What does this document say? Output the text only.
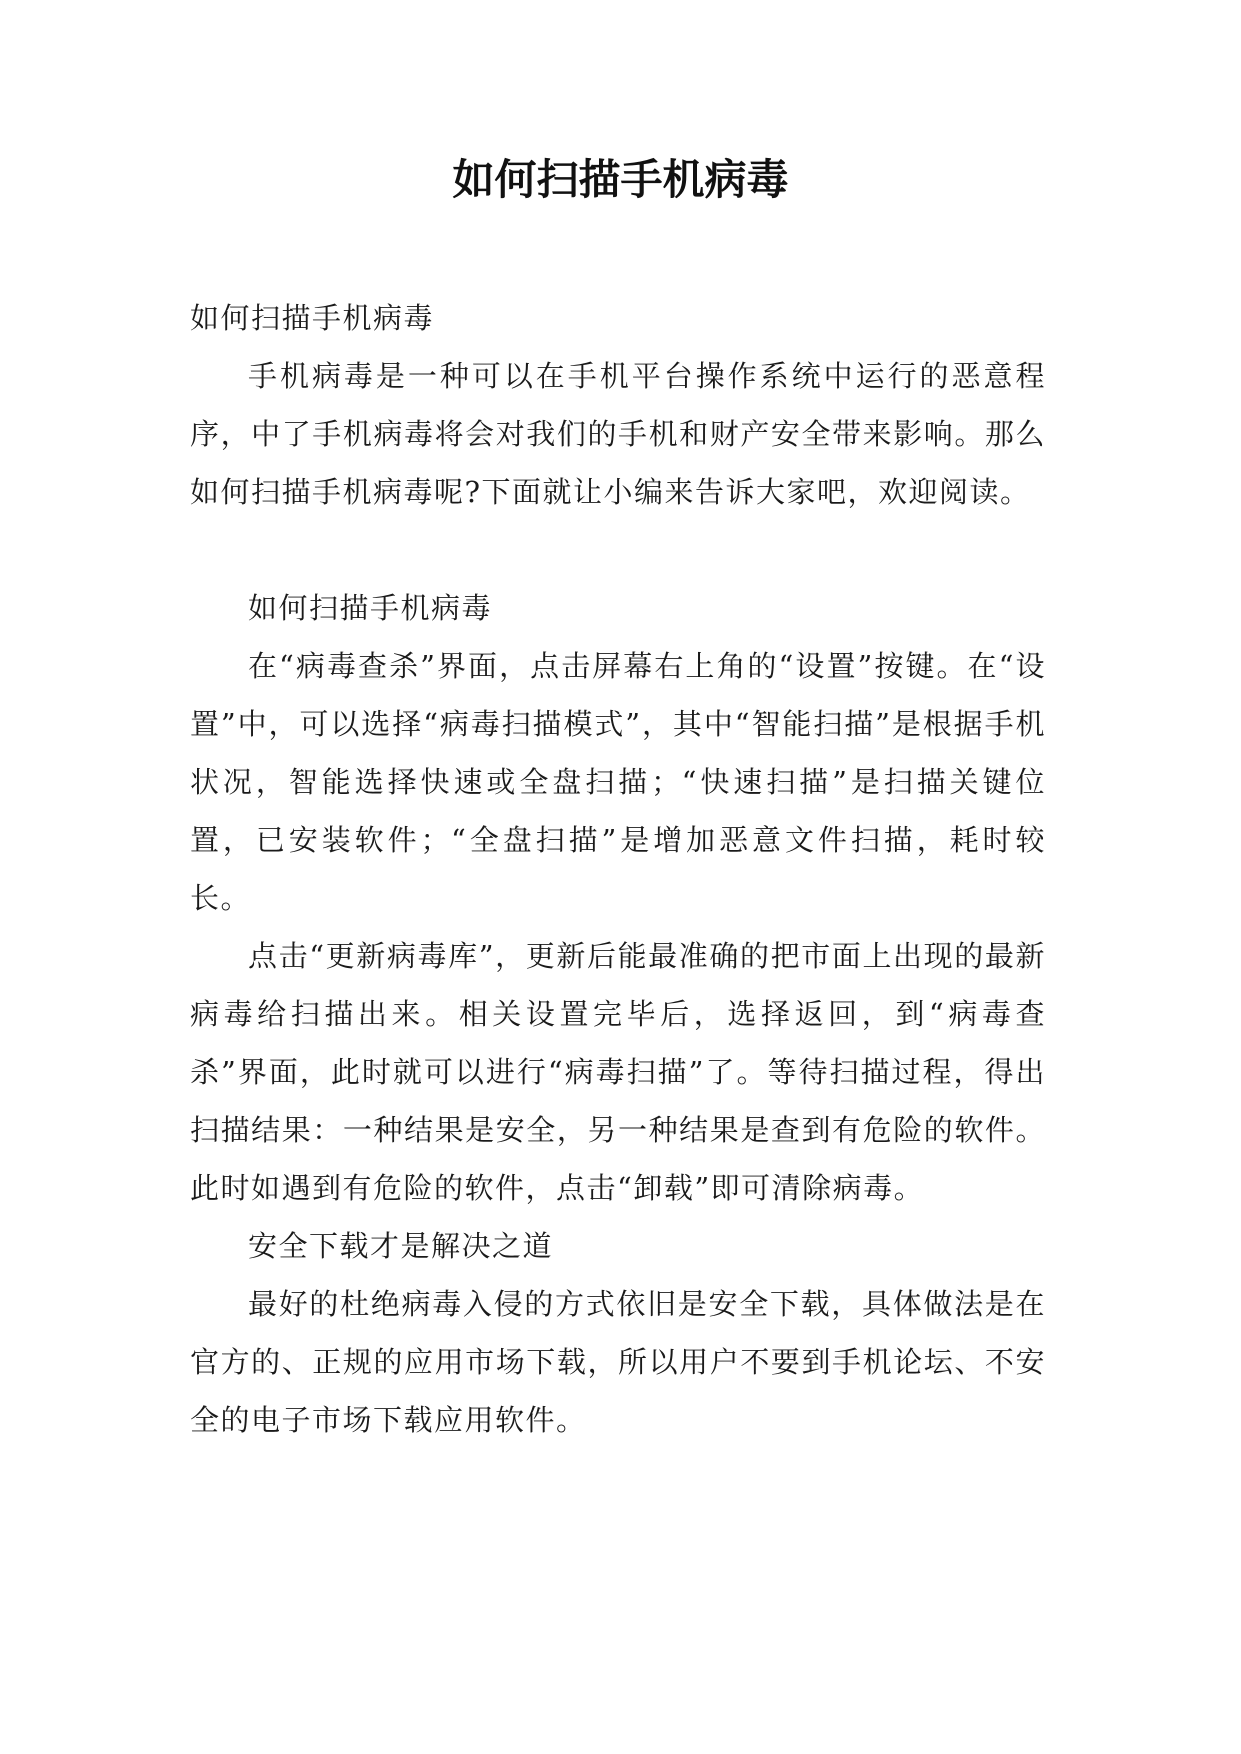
如何扫描手机病毒

如何扫描手机病毒

手机病毒是一种可以在手机平台操作系统中运行的恶意程序，中了手机病毒将会对我们的手机和财产安全带来影响。那么如何扫描手机病毒呢?下面就让小编来告诉大家吧，欢迎阅读。

如何扫描手机病毒

在“病毒查杀”界面，点击屏幕右上角的“设置”按键。在“设置”中，可以选择“病毒扫描模式”，其中“智能扫描”是根据手机状况，智能选择快速或全盘扫描；“快速扫描”是扫描关键位置，已安装软件；“全盘扫描”是增加恶意文件扫描，耗时较长。

点击“更新病毒库”，更新后能最准确的把市面上出现的最新病毒给扫描出来。相关设置完毕后，选择返回，到“病毒查杀”界面，此时就可以进行“病毒扫描”了。等待扫描过程，得出扫描结果：一种结果是安全，另一种结果是查到有危险的软件。此时如遇到有危险的软件，点击“卸载”即可清除病毒。

安全下载才是解决之道

最好的杜绝病毒入侵的方式依旧是安全下载，具体做法是在官方的、正规的应用市场下载，所以用户不要到手机论坛、不安全的电子市场下载应用软件。
